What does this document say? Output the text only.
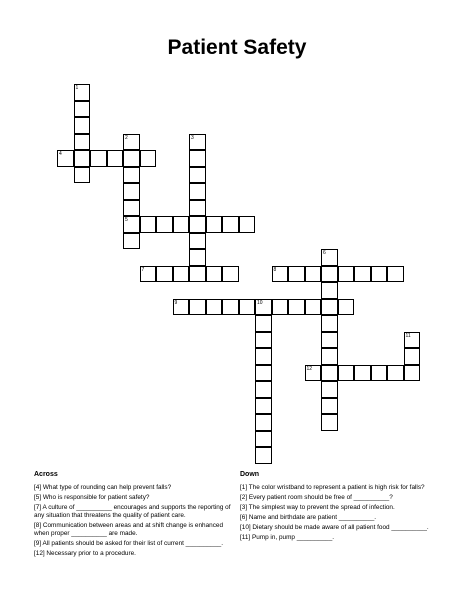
Patient Safety
4
5
7	8
9	10
12
1
2	3
6
11
Across

[4] What type of rounding can help prevent falls?

[5] Who is responsible for patient safety?

[7] A culture of __________ encourages and supports the reporting of any situation that threatens the quality of patient care.

[8] Communication between areas and at shift change is enhanced when proper __________ are made.

[9] All patients should be asked for their list of current __________.

[12] Necessary prior to a procedure.

Down

[1] The color wristband to represent a patient is high risk for falls?

[2] Every patient room should be free of __________?

[3] The simplest way to prevent the spread of infection.

[6] Name and birthdate are patient __________.

[10] Dietary should be made aware of all patient food __________.

[11] Pump in, pump __________.
